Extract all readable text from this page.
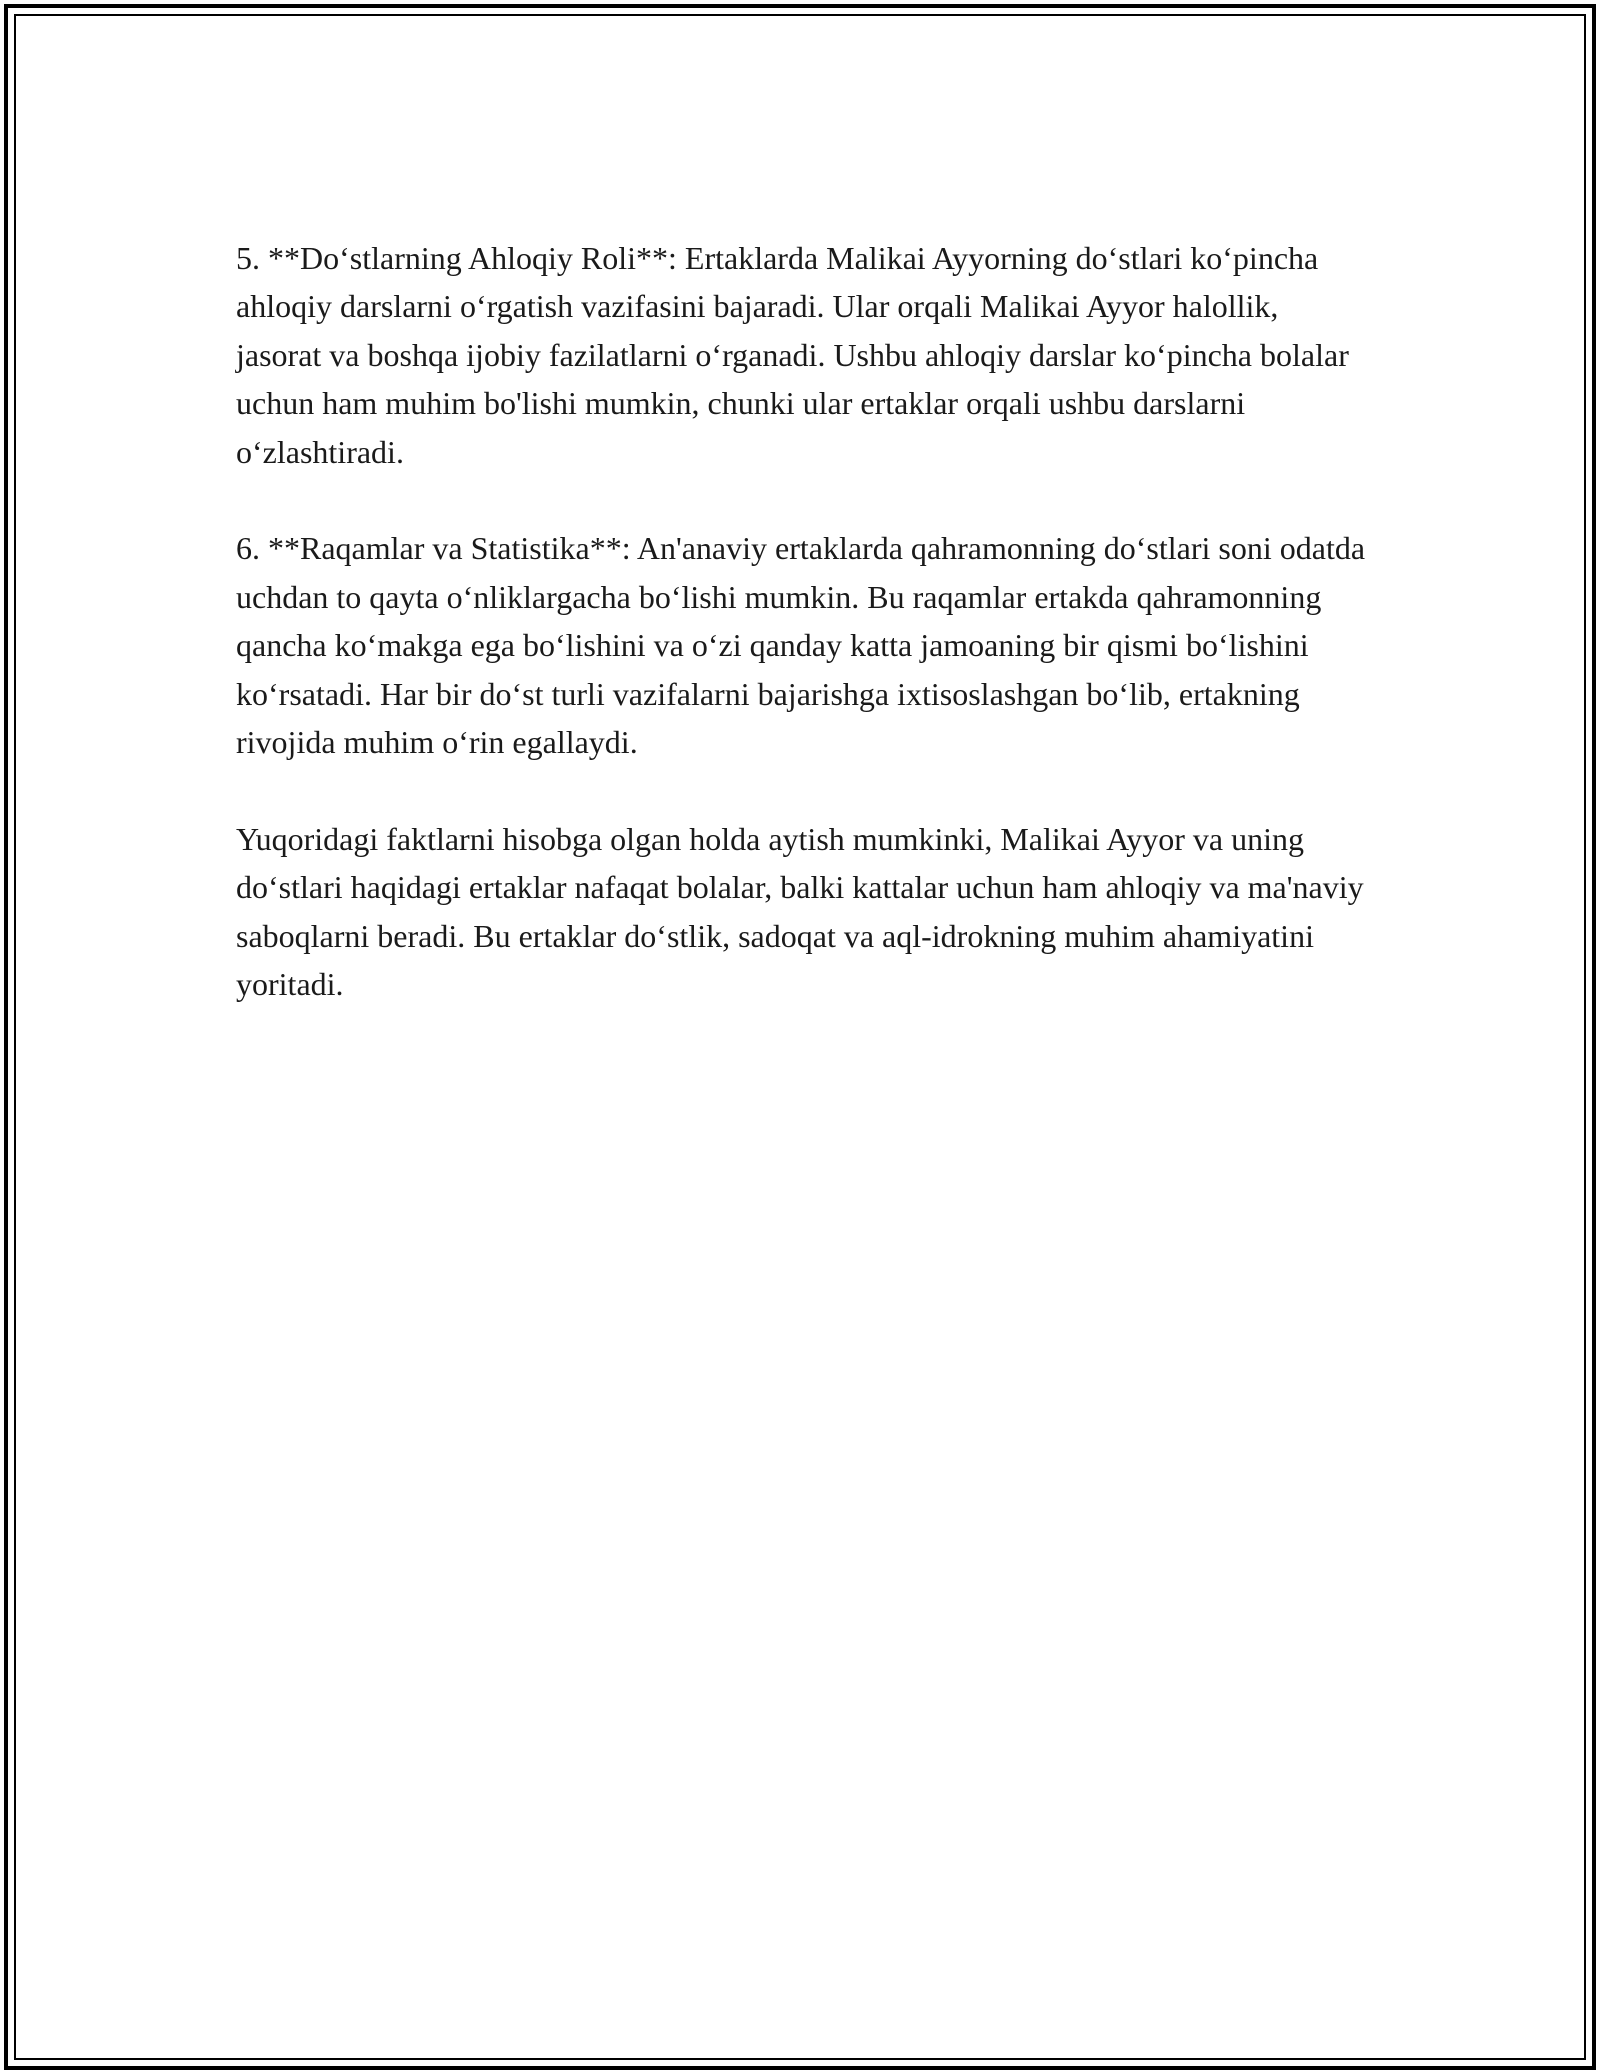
5. **Do‘stlarning Ahloqiy Roli**: Ertaklarda Malikai Ayyorning do‘stlari ko‘pincha ahloqiy darslarni o‘rgatish vazifasini bajaradi. Ular orqali Malikai Ayyor halollik, jasorat va boshqa ijobiy fazilatlarni o‘rganadi. Ushbu ahloqiy darslar ko‘pincha bolalar uchun ham muhim bo'lishi mumkin, chunki ular ertaklar orqali ushbu darslarni o‘zlashtiradi.

6. **Raqamlar va Statistika**: An'anaviy ertaklarda qahramonning do‘stlari soni odatda uchdan to qayta o‘nliklargacha bo‘lishi mumkin. Bu raqamlar ertakda qahramonning qancha ko‘makga ega bo‘lishini va o‘zi qanday katta jamoaning bir qismi bo‘lishini ko‘rsatadi. Har bir do‘st turli vazifalarni bajarishga ixtisoslashgan bo‘lib, ertakning rivojida muhim o‘rin egallaydi.

Yuqoridagi faktlarni hisobga olgan holda aytish mumkinki, Malikai Ayyor va uning do‘stlari haqidagi ertaklar nafaqat bolalar, balki kattalar uchun ham ahloqiy va ma'naviy saboqlarni beradi. Bu ertaklar do‘stlik, sadoqat va aql-idrokning muhim ahamiyatini yoritadi.
